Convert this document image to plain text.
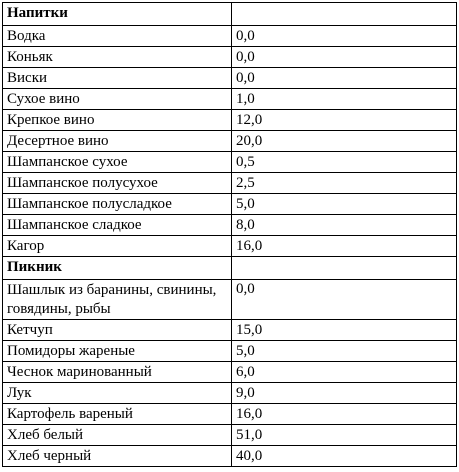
Напитки	
Водка	0,0
Коньяк	0,0
Виски	0,0
Сухое вино	1,0
Крепкое вино	12,0
Десертное вино	20,0
Шампанское сухое	0,5
Шампанское полусухое	2,5
Шампанское полусладкое	5,0
Шампанское сладкое	8,0
Кагор	16,0
Пикник	
Шашлык из баранины, свинины, говядины, рыбы	0,0
Кетчуп	15,0
Помидоры жареные	5,0
Чеснок маринованный	6,0
Лук	9,0
Картофель вареный	16,0
Хлеб белый	51,0
Хлеб черный	40,0
